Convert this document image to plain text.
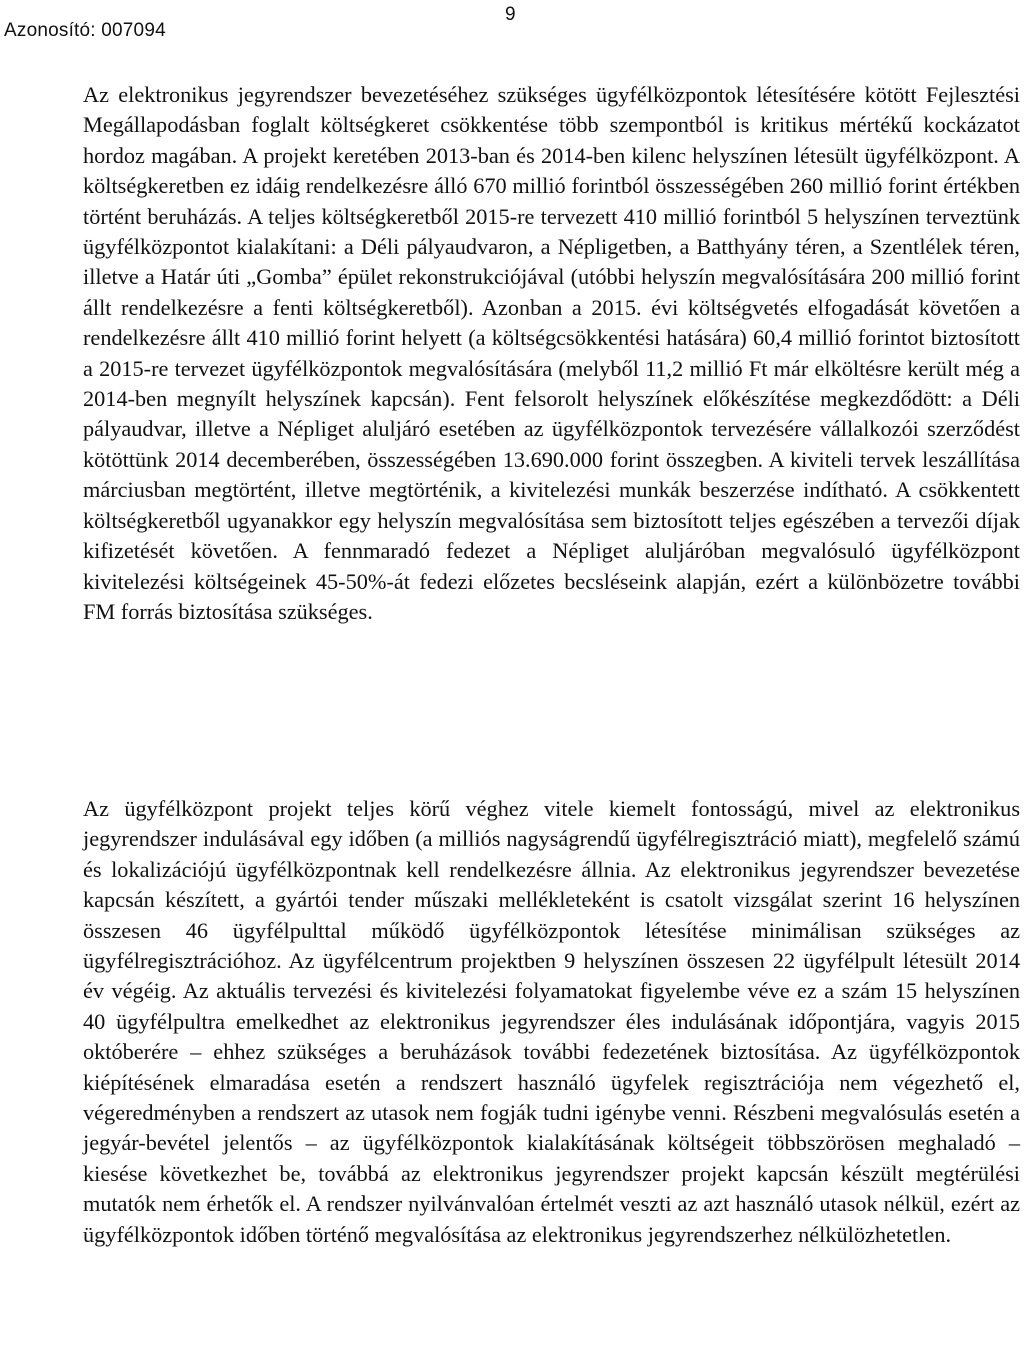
Azonosító: 007094
9

Az elektronikus jegyrendszer bevezetéséhez szükséges ügyfélközpontok létesítésére kötött Fejlesztési Megállapodásban foglalt költségkeret csökkentése több szempontból is kritikus mértékű kockázatot hordoz magában. A projekt keretében 2013-ban és 2014-ben kilenc helyszínen létesült ügyfélközpont. A költségkeretben ez idáig rendelkezésre álló 670 millió forintból összességében 260 millió forint értékben történt beruházás. A teljes költségkeretből 2015-re tervezett 410 millió forintból 5 helyszínen terveztünk ügyfélközpontot kialakítani: a Déli pályaudvaron, a Népligetben, a Batthyány téren, a Szentlélek téren, illetve a Határ úti „Gomba” épület rekonstrukciójával (utóbbi helyszín megvalósítására 200 millió forint állt rendelkezésre a fenti költségkeretből). Azonban a 2015. évi költségvetés elfogadását követően a rendelkezésre állt 410 millió forint helyett (a költségcsökkentési hatására) 60,4 millió forintot biztosított a 2015-re tervezet ügyfélközpontok megvalósítására (melyből 11,2 millió Ft már elköltésre került még a 2014-ben megnyílt helyszínek kapcsán). Fent felsorolt helyszínek előkészítése megkezdődött: a Déli pályaudvar, illetve a Népliget aluljáró esetében az ügyfélközpontok tervezésére vállalkozói szerződést kötöttünk 2014 decemberében, összességében 13.690.000 forint összegben. A kiviteli tervek leszállítása márciusban megtörtént, illetve megtörténik, a kivitelezési munkák beszerzése indítható. A csökkentett költségkeretből ugyanakkor egy helyszín megvalósítása sem biztosított teljes egészében a tervezői díjak kifizetését követően. A fennmaradó fedezet a Népliget aluljáróban megvalósuló ügyfélközpont kivitelezési költségeinek 45-50%-át fedezi előzetes becsléseink alapján, ezért a különbözetre további FM forrás biztosítása szükséges.

Az ügyfélközpont projekt teljes körű véghez vitele kiemelt fontosságú, mivel az elektronikus jegyrendszer indulásával egy időben (a milliós nagyságrendű ügyfélregisztráció miatt), megfelelő számú és lokalizációjú ügyfélközpontnak kell rendelkezésre állnia. Az elektronikus jegyrendszer bevezetése kapcsán készített, a gyártói tender műszaki mellékleteként is csatolt vizsgálat szerint 16 helyszínen összesen 46 ügyfélpulttal működő ügyfélközpontok létesítése minimálisan szükséges az ügyfélregisztrációhoz. Az ügyfélcentrum projektben 9 helyszínen összesen 22 ügyfélpult létesült 2014 év végéig. Az aktuális tervezési és kivitelezési folyamatokat figyelembe véve ez a szám 15 helyszínen 40 ügyfélpultra emelkedhet az elektronikus jegyrendszer éles indulásának időpontjára, vagyis 2015 októberére – ehhez szükséges a beruházások további fedezetének biztosítása. Az ügyfélközpontok kiépítésének elmaradása esetén a rendszert használó ügyfelek regisztrációja nem végezhető el, végeredményben a rendszert az utasok nem fogják tudni igénybe venni. Részbeni megvalósulás esetén a jegyár-bevétel jelentős – az ügyfélközpontok kialakításának költségeit többszörösen meghaladó – kiesése következhet be, továbbá az elektronikus jegyrendszer projekt kapcsán készült megtérülési mutatók nem érhetők el. A rendszer nyilvánvalóan értelmét veszti az azt használó utasok nélkül, ezért az ügyfélközpontok időben történő megvalósítása az elektronikus jegyrendszerhez nélkülözhetetlen.
